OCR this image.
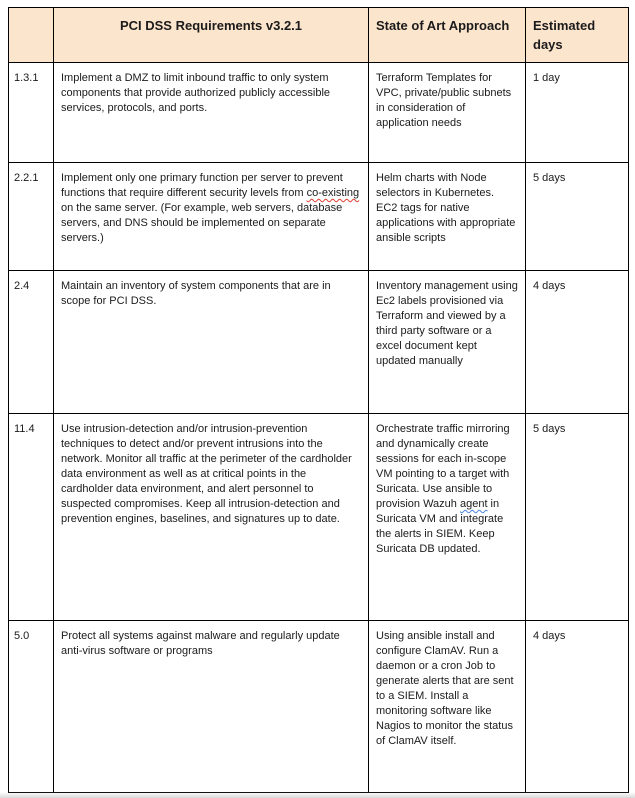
	PCI DSS Requirements v3.2.1	State of Art Approach	Estimated days
1.3.1	Implement a DMZ to limit inbound traffic to only system components that provide authorized publicly accessible services, protocols, and ports.	Terraform Templates for VPC, private/public subnets in consideration of application needs	1 day
2.2.1	Implement only one primary function per server to prevent functions that require different security levels from co-existing on the same server. (For example, web servers, database servers, and DNS should be implemented on separate servers.)	Helm charts with Node selectors in Kubernetes. EC2 tags for native applications with appropriate ansible scripts	5 days
2.4	Maintain an inventory of system components that are in scope for PCI DSS.	Inventory management using Ec2 labels provisioned via Terraform and viewed by a third party software or a excel document kept updated manually	4 days
11.4	Use intrusion-detection and/or intrusion-prevention techniques to detect and/or prevent intrusions into the network. Monitor all traffic at the perimeter of the cardholder data environment as well as at critical points in the cardholder data environment, and alert personnel to suspected compromises. Keep all intrusion-detection and prevention engines, baselines, and signatures up to date.	Orchestrate traffic mirroring and dynamically create sessions for each in-scope VM pointing to a target with Suricata. Use ansible to provision Wazuh agent in Suricata VM and integrate the alerts in SIEM. Keep Suricata DB updated.	5 days
5.0	Protect all systems against malware and regularly update anti-virus software or programs	Using ansible install and configure ClamAV. Run a daemon or a cron Job to generate alerts that are sent to a SIEM. Install a monitoring software like Nagios to monitor the status of ClamAV itself.	4 days
